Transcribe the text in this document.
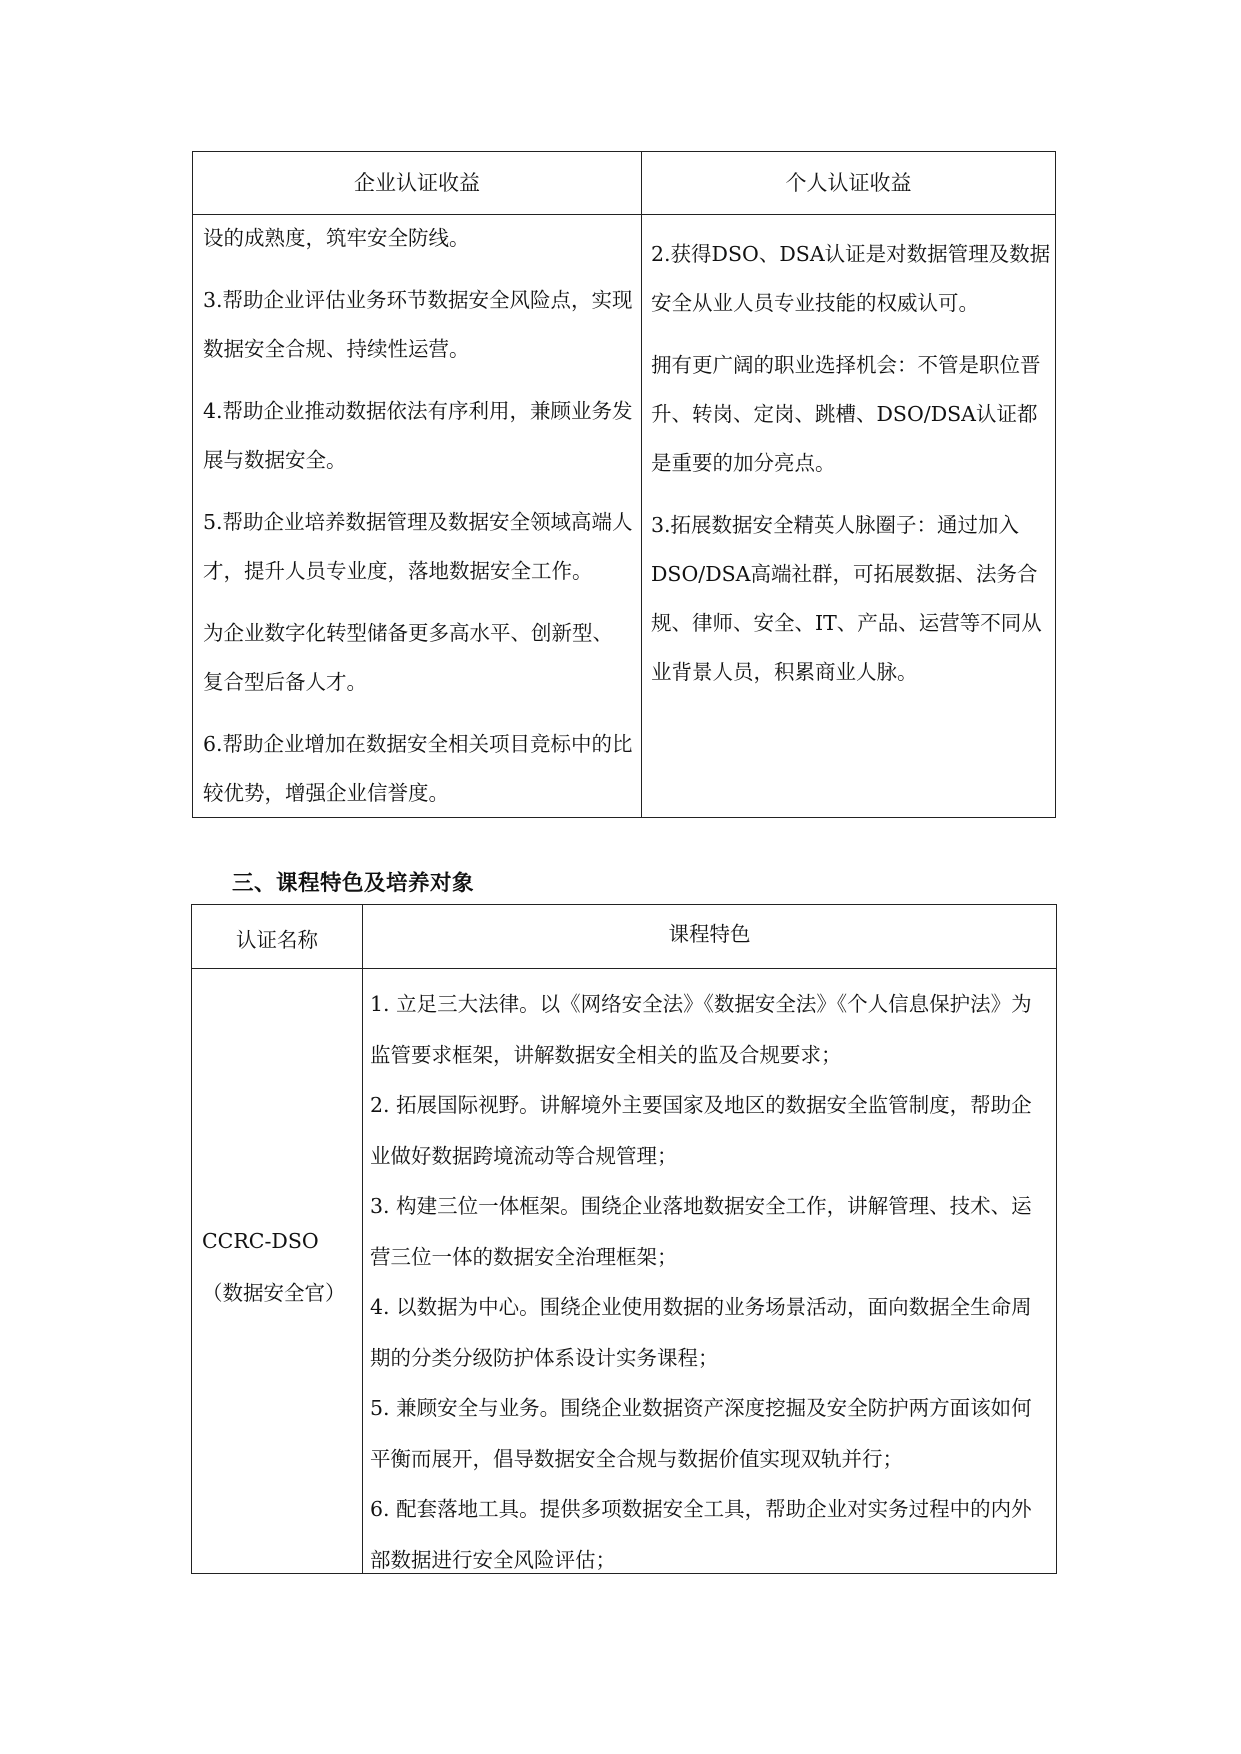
企业认证收益	个人认证收益

设的成熟度，筑牢安全防线。

3.帮助企业评估业务环节数据安全风险点，实现数据安全合规、持续性运营。

4.帮助企业推动数据依法有序利用，兼顾业务发展与数据安全。

5.帮助企业培养数据管理及数据安全领域高端人才，提升人员专业度，落地数据安全工作。

为企业数字化转型储备更多高水平、创新型、复合型后备人才。

6.帮助企业增加在数据安全相关项目竞标中的比较优势，增强企业信誉度。

2.获得DSO、DSA认证是对数据管理及数据安全从业人员专业技能的权威认可。

拥有更广阔的职业选择机会：不管是职位晋升、转岗、定岗、跳槽、DSO/DSA认证都是重要的加分亮点。

3.拓展数据安全精英人脉圈子：通过加入DSO/DSA高端社群，可拓展数据、法务合规、律师、安全、IT、产品、运营等不同从业背景人员，积累商业人脉。

三、课程特色及培养对象
认证名称	课程特色
CCRC-DSO
（数据安全官）
1. 立足三大法律。以《网络安全法》《数据安全法》《个人信息保护法》为监管要求框架，讲解数据安全相关的监及合规要求；
2. 拓展国际视野。讲解境外主要国家及地区的数据安全监管制度，帮助企业做好数据跨境流动等合规管理；
3. 构建三位一体框架。围绕企业落地数据安全工作，讲解管理、技术、运营三位一体的数据安全治理框架；
4. 以数据为中心。围绕企业使用数据的业务场景活动，面向数据全生命周期的分类分级防护体系设计实务课程；
5. 兼顾安全与业务。围绕企业数据资产深度挖掘及安全防护两方面该如何平衡而展开，倡导数据安全合规与数据价值实现双轨并行；
6. 配套落地工具。提供多项数据安全工具，帮助企业对实务过程中的内外部数据进行安全风险评估；
